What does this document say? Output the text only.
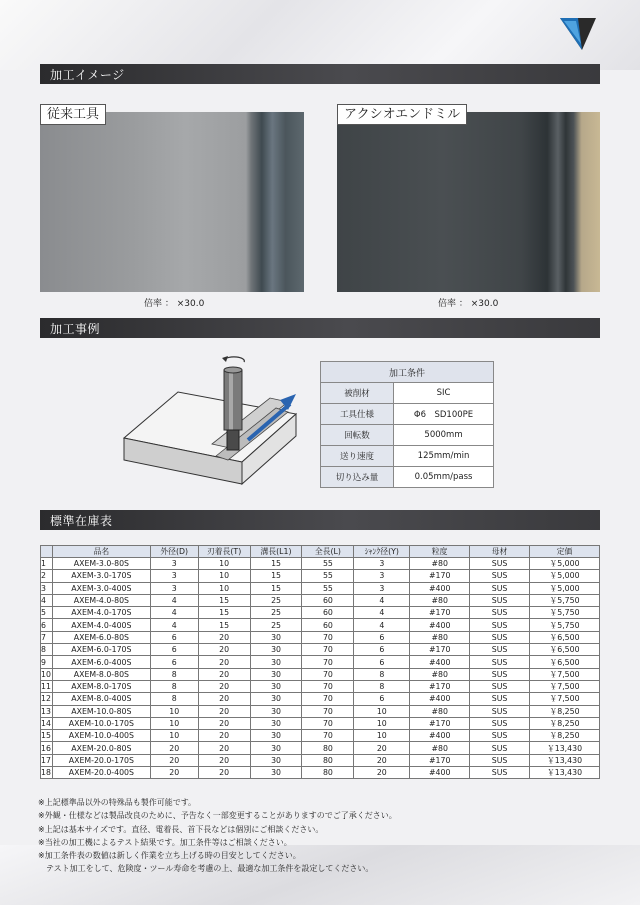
加工イメージ
従来工具	アクシオエンドミル
倍率 ： ×30.0	倍率 ： ×30.0
加工事例
加工条件	
被削材	SIC
工具仕様	Φ6　SD100PE
回転数	5000mm
送り速度	125mm/min
切り込み量	0.05mm/pass
標準在庫表
	品名	外径(D)	刃着長(T)	溝長(L1)	全長(L)	ｼｬﾝｸ径(Y)	粒度	母材	定価
1	AXEM-3.0-80S	3	10	15	55	3	#80	SUS	￥5,000
2	AXEM-3.0-170S	3	10	15	55	3	#170	SUS	￥5,000
3	AXEM-3.0-400S	3	10	15	55	3	#400	SUS	￥5,000
4	AXEM-4.0-80S	4	15	25	60	4	#80	SUS	￥5,750
5	AXEM-4.0-170S	4	15	25	60	4	#170	SUS	￥5,750
6	AXEM-4.0-400S	4	15	25	60	4	#400	SUS	￥5,750
7	AXEM-6.0-80S	6	20	30	70	6	#80	SUS	￥6,500
8	AXEM-6.0-170S	6	20	30	70	6	#170	SUS	￥6,500
9	AXEM-6.0-400S	6	20	30	70	6	#400	SUS	￥6,500
10	AXEM-8.0-80S	8	20	30	70	8	#80	SUS	￥7,500
11	AXEM-8.0-170S	8	20	30	70	8	#170	SUS	￥7,500
12	AXEM-8.0-400S	8	20	30	70	6	#400	SUS	￥7,500
13	AXEM-10.0-80S	10	20	30	70	10	#80	SUS	￥8,250
14	AXEM-10.0-170S	10	20	30	70	10	#170	SUS	￥8,250
15	AXEM-10.0-400S	10	20	30	70	10	#400	SUS	￥8,250
16	AXEM-20.0-80S	20	20	30	80	20	#80	SUS	￥13,430
17	AXEM-20.0-170S	20	20	30	80	20	#170	SUS	￥13,430
18	AXEM-20.0-400S	20	20	30	80	20	#400	SUS	￥13,430
※上記標準品以外の特殊品も製作可能です。
※外観・仕様などは製品改良のために、予告なく一部変更することがありますのでご了承ください。
※上記は基本サイズです。直径、電着長、首下長などは個別にご相談ください。
※当社の加工機によるテスト結果です。加工条件等はご相談ください。
※加工条件表の数値は新しく作業を立ち上げる時の目安としてください。
　テスト加工をして、危険度・ツール寿命を考慮の上、最適な加工条件を設定してください。
